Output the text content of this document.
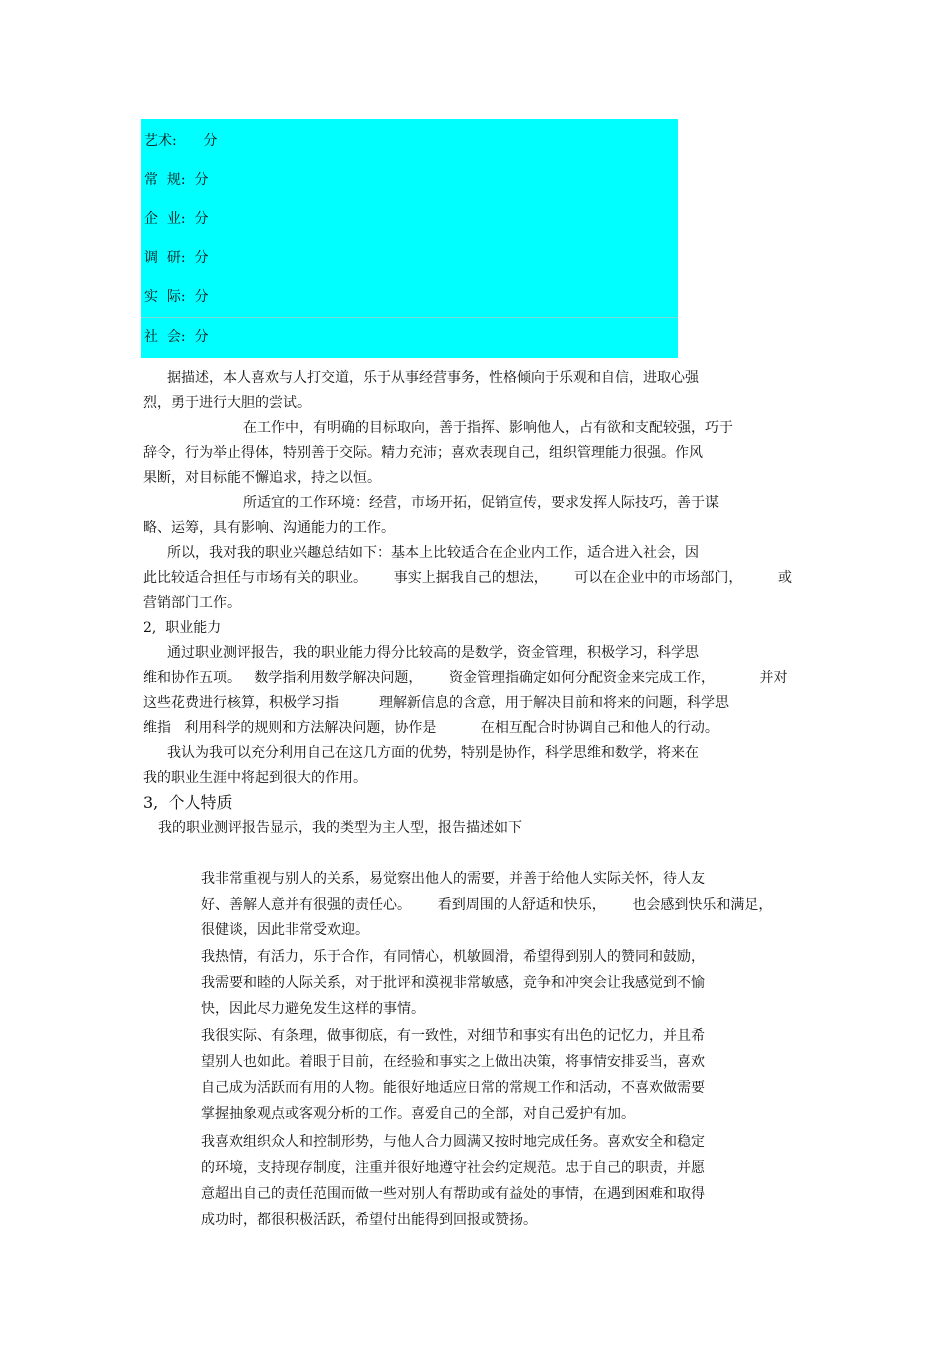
艺术:      分
常  规:  分
企  业:  分
调  研:  分
实  际:  分
社  会:  分
据描述，本人喜欢与人打交道，乐于从事经营事务，性格倾向于乐观和自信，进取心强
烈，勇于进行大胆的尝试。
在工作中，有明确的目标取向，善于指挥、影响他人，占有欲和支配较强，巧于
辞令，行为举止得体，特别善于交际。精力充沛；喜欢表现自己，组织管理能力很强。作风
果断，对目标能不懈追求，持之以恒。
所适宜的工作环境：经营，市场开拓，促销宣传，要求发挥人际技巧，善于谋
略、运筹，具有影响、沟通能力的工作。
所以，我对我的职业兴趣总结如下：基本上比较适合在企业内工作，适合进入社会，因
此比较适合担任与市场有关的职业。      事实上据我自己的想法，      可以在企业中的市场部门，        或
营销部门工作。
2,  职业能力
通过职业测评报告，我的职业能力得分比较高的是数学，资金管理，积极学习，科学思
维和协作五项。   数学指利用数学解决问题，      资金管理指确定如何分配资金来完成工作，          并对
这些花费进行核算，积极学习指         理解新信息的含意，用于解决目前和将来的问题，科学思
维指   利用科学的规则和方法解决问题，协作是          在相互配合时协调自己和他人的行动。
我认为我可以充分利用自己在这几方面的优势，特别是协作，科学思维和数学，将来在
我的职业生涯中将起到很大的作用。
3,  个人特质
我的职业测评报告显示，我的类型为主人型，报告描述如下
我非常重视与别人的关系，易觉察出他人的需要，并善于给他人实际关怀，待人友
好、善解人意并有很强的责任心。      看到周围的人舒适和快乐，      也会感到快乐和满足，
很健谈，因此非常受欢迎。
我热情，有活力，乐于合作，有同情心，机敏圆滑，希望得到别人的赞同和鼓励，
我需要和睦的人际关系，对于批评和漠视非常敏感，竞争和冲突会让我感觉到不愉
快，因此尽力避免发生这样的事情。
我很实际、有条理，做事彻底，有一致性，对细节和事实有出色的记忆力，并且希
望别人也如此。着眼于目前，在经验和事实之上做出决策，将事情安排妥当，喜欢
自己成为活跃而有用的人物。能很好地适应日常的常规工作和活动，不喜欢做需要
掌握抽象观点或客观分析的工作。喜爱自己的全部，对自己爱护有加。
我喜欢组织众人和控制形势，与他人合力圆满又按时地完成任务。喜欢安全和稳定
的环境，支持现存制度，注重并很好地遵守社会约定规范。忠于自己的职责，并愿
意超出自己的责任范围而做一些对别人有帮助或有益处的事情，在遇到困难和取得
成功时，都很积极活跃，希望付出能得到回报或赞扬。
